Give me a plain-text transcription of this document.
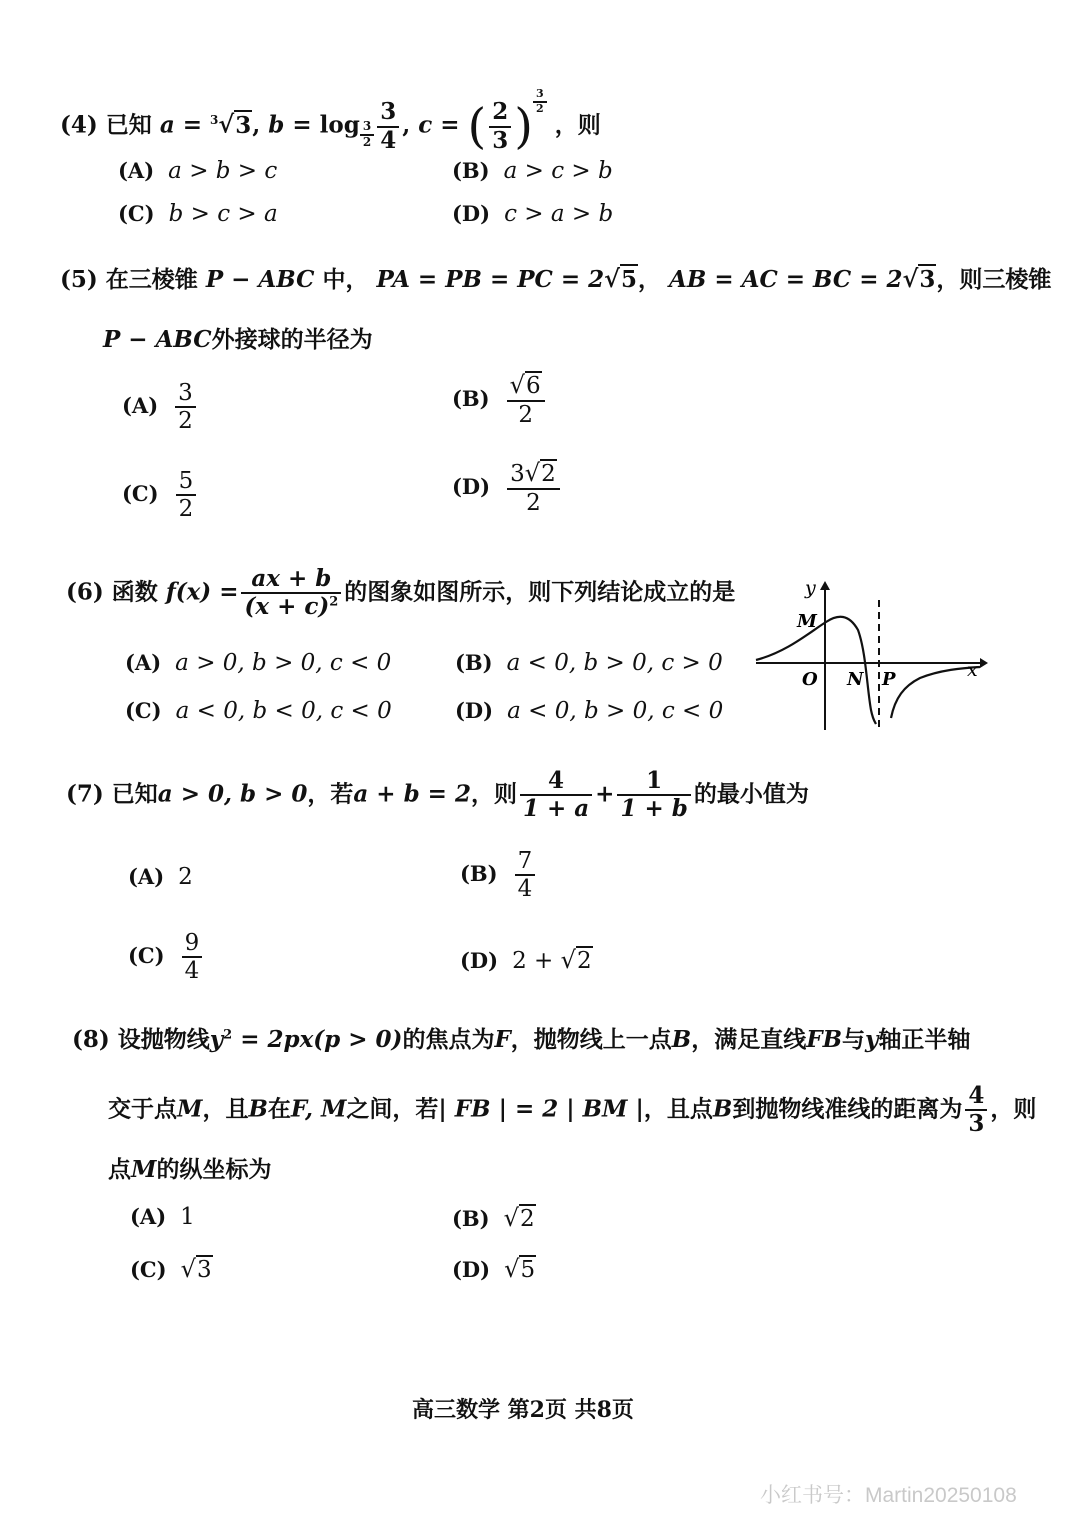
(4) 已知 a = $^3$√3, $b = \log _{\frac{3}{2}} \frac{3}{4}$ , c = ( $\frac{2}{3}$ ) $^{\frac{3}{2}}$
，则
(A) a > b > c	(B) a > c > b
(C) b > c > a	(D) c > a > b
(5) 在三棱锥 P − ABC 中， PA = PB = PC = 2√5， AB = AC = BC = 2√3，则三棱锥
P − ABC外接球的半径为
$(A) \frac{3}{2}$	$(B) \frac{√6}{2}$
$(C) \frac{5}{2}$	$(D) \frac{3√2}{2}$
(6) 函数 $f(x) = \frac{ax + b}{(x + c)^2}$ 的图象如图所示，则下列结论成立的是
(A) a > 0, b > 0, c < 0	(B) a < 0, b > 0, c > 0
(C) a < 0, b < 0, c < 0	(D) a < 0, b > 0, c < 0
y
x
M
O N P
(7) 已知a > 0, b > 0，若a + b = 2，则 $\frac{4}{1 + a} + \frac{1}{1 + b}$ 的最小值为
(A) 2	$(B) \frac{7}{4}$
$(C) \frac{9}{4}$	(D) 2 + √2
(8) 设抛物线$y^2 = 2px(p > 0)$的焦点为F，抛物线上一点B，满足直线FB与y轴正半轴
交于点M，且B在F, M之间，若| FB | = 2 | BM |，且点B到抛物线准线的距离为 $\frac{4}{3}$ ，则
点M的纵坐标为
(A) 1	(B) √2
(C) √3	(D) √5
高三数学 第2页 共8页
小红书号：Martin20250108
